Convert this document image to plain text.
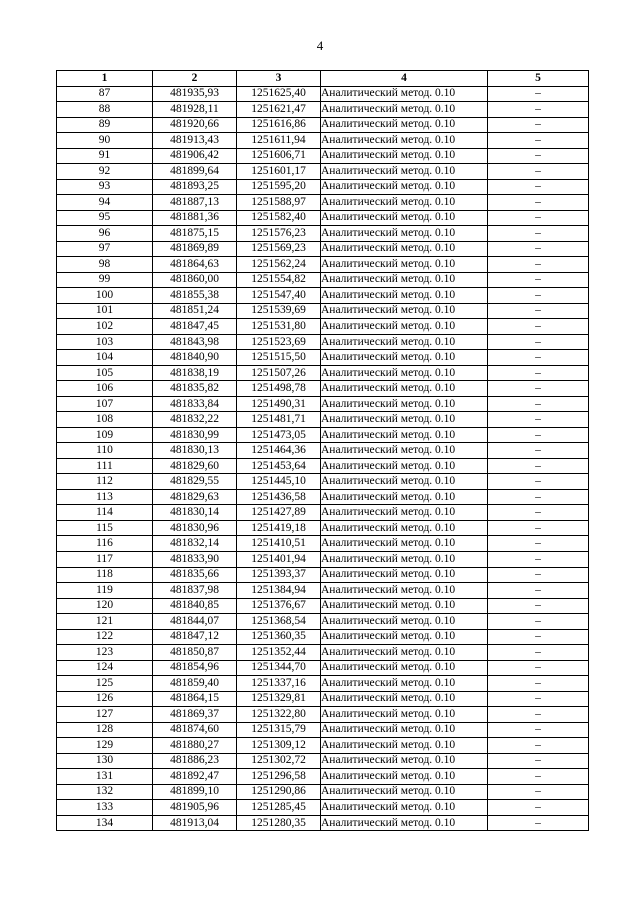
4
1	2	3	4	5
87	481935,93	1251625,40	Аналитический метод. 0.10	–
88	481928,11	1251621,47	Аналитический метод. 0.10	–
89	481920,66	1251616,86	Аналитический метод. 0.10	–
90	481913,43	1251611,94	Аналитический метод. 0.10	–
91	481906,42	1251606,71	Аналитический метод. 0.10	–
92	481899,64	1251601,17	Аналитический метод. 0.10	–
93	481893,25	1251595,20	Аналитический метод. 0.10	–
94	481887,13	1251588,97	Аналитический метод. 0.10	–
95	481881,36	1251582,40	Аналитический метод. 0.10	–
96	481875,15	1251576,23	Аналитический метод. 0.10	–
97	481869,89	1251569,23	Аналитический метод. 0.10	–
98	481864,63	1251562,24	Аналитический метод. 0.10	–
99	481860,00	1251554,82	Аналитический метод. 0.10	–
100	481855,38	1251547,40	Аналитический метод. 0.10	–
101	481851,24	1251539,69	Аналитический метод. 0.10	–
102	481847,45	1251531,80	Аналитический метод. 0.10	–
103	481843,98	1251523,69	Аналитический метод. 0.10	–
104	481840,90	1251515,50	Аналитический метод. 0.10	–
105	481838,19	1251507,26	Аналитический метод. 0.10	–
106	481835,82	1251498,78	Аналитический метод. 0.10	–
107	481833,84	1251490,31	Аналитический метод. 0.10	–
108	481832,22	1251481,71	Аналитический метод. 0.10	–
109	481830,99	1251473,05	Аналитический метод. 0.10	–
110	481830,13	1251464,36	Аналитический метод. 0.10	–
111	481829,60	1251453,64	Аналитический метод. 0.10	–
112	481829,55	1251445,10	Аналитический метод. 0.10	–
113	481829,63	1251436,58	Аналитический метод. 0.10	–
114	481830,14	1251427,89	Аналитический метод. 0.10	–
115	481830,96	1251419,18	Аналитический метод. 0.10	–
116	481832,14	1251410,51	Аналитический метод. 0.10	–
117	481833,90	1251401,94	Аналитический метод. 0.10	–
118	481835,66	1251393,37	Аналитический метод. 0.10	–
119	481837,98	1251384,94	Аналитический метод. 0.10	–
120	481840,85	1251376,67	Аналитический метод. 0.10	–
121	481844,07	1251368,54	Аналитический метод. 0.10	–
122	481847,12	1251360,35	Аналитический метод. 0.10	–
123	481850,87	1251352,44	Аналитический метод. 0.10	–
124	481854,96	1251344,70	Аналитический метод. 0.10	–
125	481859,40	1251337,16	Аналитический метод. 0.10	–
126	481864,15	1251329,81	Аналитический метод. 0.10	–
127	481869,37	1251322,80	Аналитический метод. 0.10	–
128	481874,60	1251315,79	Аналитический метод. 0.10	–
129	481880,27	1251309,12	Аналитический метод. 0.10	–
130	481886,23	1251302,72	Аналитический метод. 0.10	–
131	481892,47	1251296,58	Аналитический метод. 0.10	–
132	481899,10	1251290,86	Аналитический метод. 0.10	–
133	481905,96	1251285,45	Аналитический метод. 0.10	–
134	481913,04	1251280,35	Аналитический метод. 0.10	–
